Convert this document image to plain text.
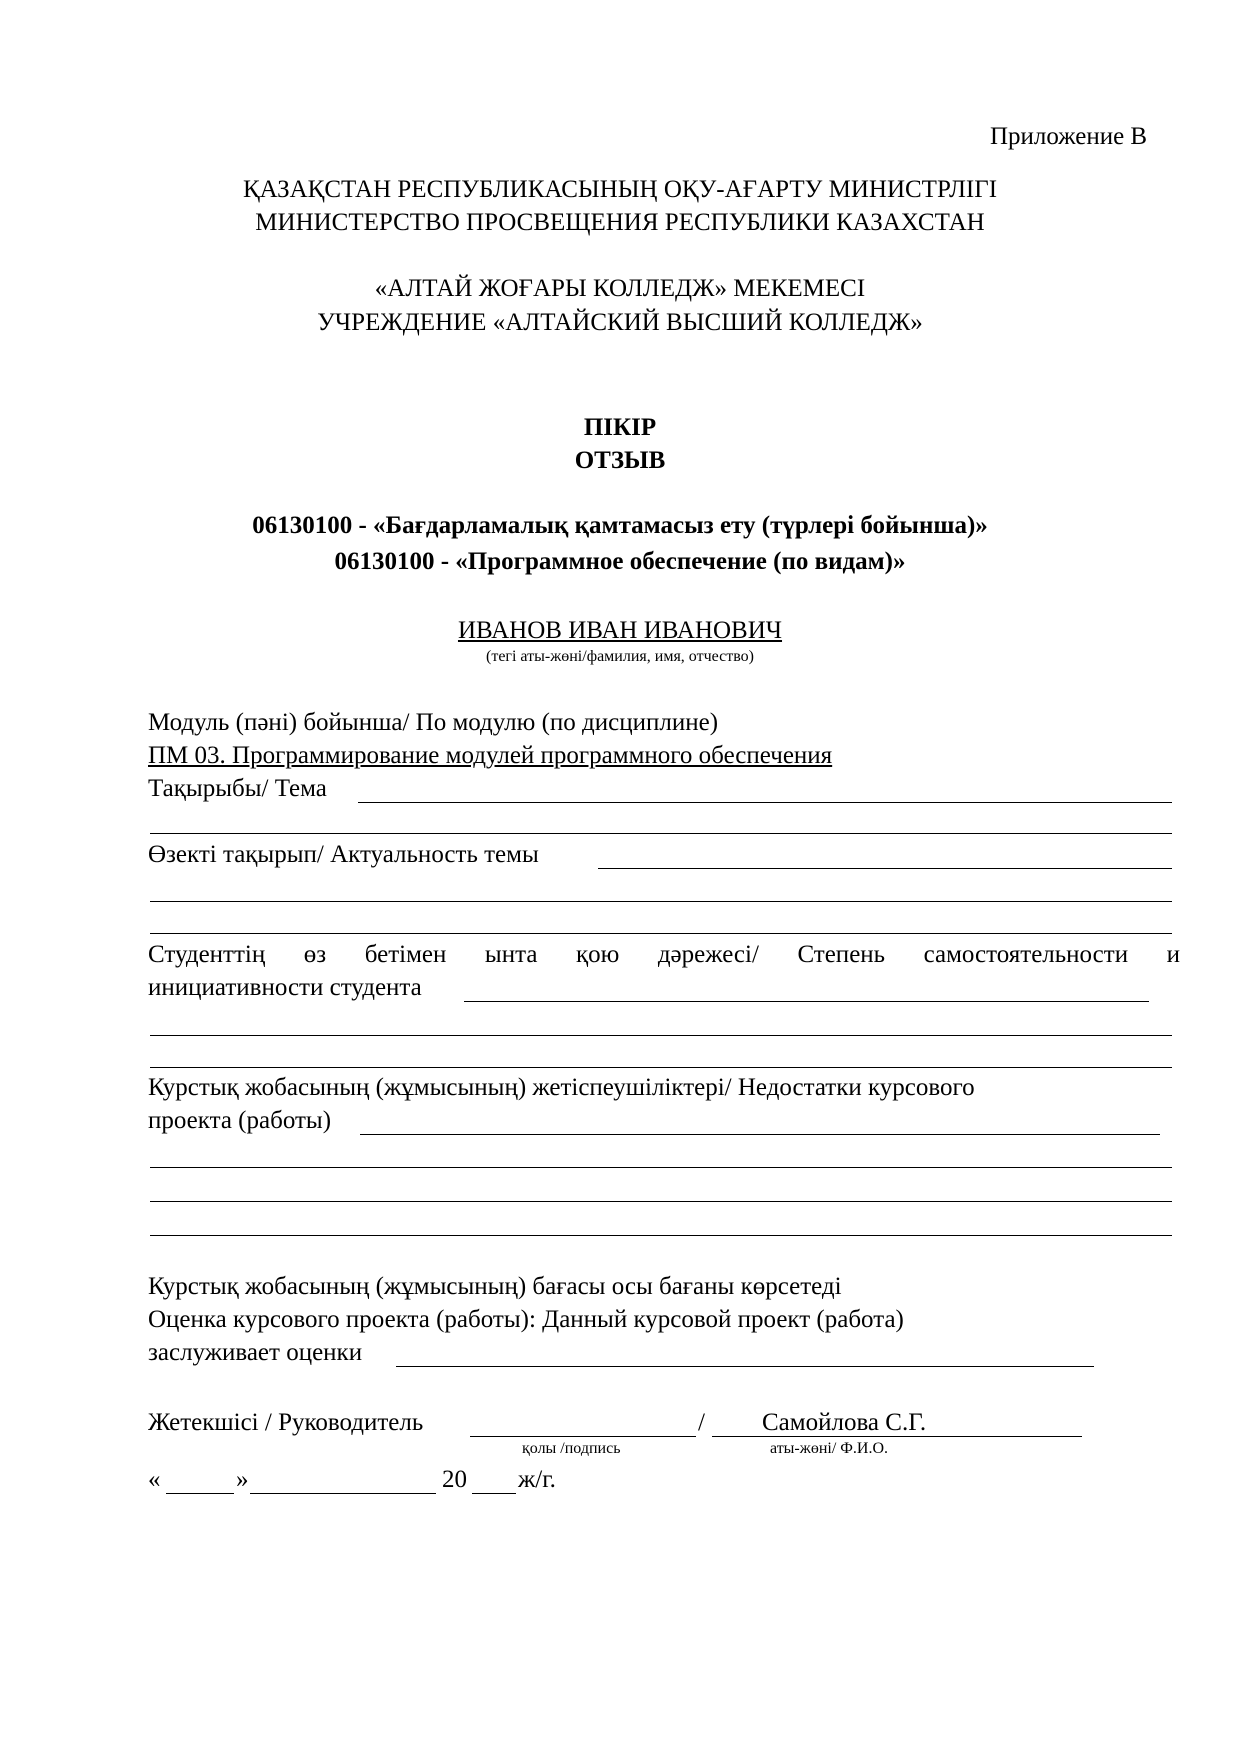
Приложение В
ҚАЗАҚСТАН РЕСПУБЛИКАСЫНЫҢ ОҚУ-АҒАРТУ МИНИСТРЛІГІ
МИНИСТЕРСТВО ПРОСВЕЩЕНИЯ РЕСПУБЛИКИ КАЗАХСТАН
«АЛТАЙ ЖОҒАРЫ КОЛЛЕДЖ» МЕКЕМЕСІ
УЧРЕЖДЕНИЕ «АЛТАЙСКИЙ ВЫСШИЙ КОЛЛЕДЖ»
ПІКІР
ОТЗЫВ
06130100 - «Бағдарламалық қамтамасыз ету (түрлері бойынша)»
06130100 - «Программное обеспечение (по видам)»
ИВАНОВ ИВАН ИВАНОВИЧ
(тегі аты-жөні/фамилия, имя, отчество)
Модуль (пәні) бойынша/ По модулю (по дисциплине)
ПМ 03. Программирование модулей программного обеспечения
Тақырыбы/ Тема
Өзекті тақырып/ Актуальность темы
Студенттің өз бетімен ынта қою дәрежесі/ Степень самостоятельности и
инициативности студента
Курстық жобасының (жұмысының) жетіспеушіліктері/ Недостатки курсового
проекта (работы)
Курстық жобасының (жұмысының) бағасы осы бағаны көрсетеді
Оценка курсового проекта (работы): Данный курсовой проект (работа)
заслуживает оценки
Жетекшісі / Руководитель	/ Самойлова С.Г.
қолы /подпись	аты-жөні/ Ф.И.О.
«	»	20 ж/г.
